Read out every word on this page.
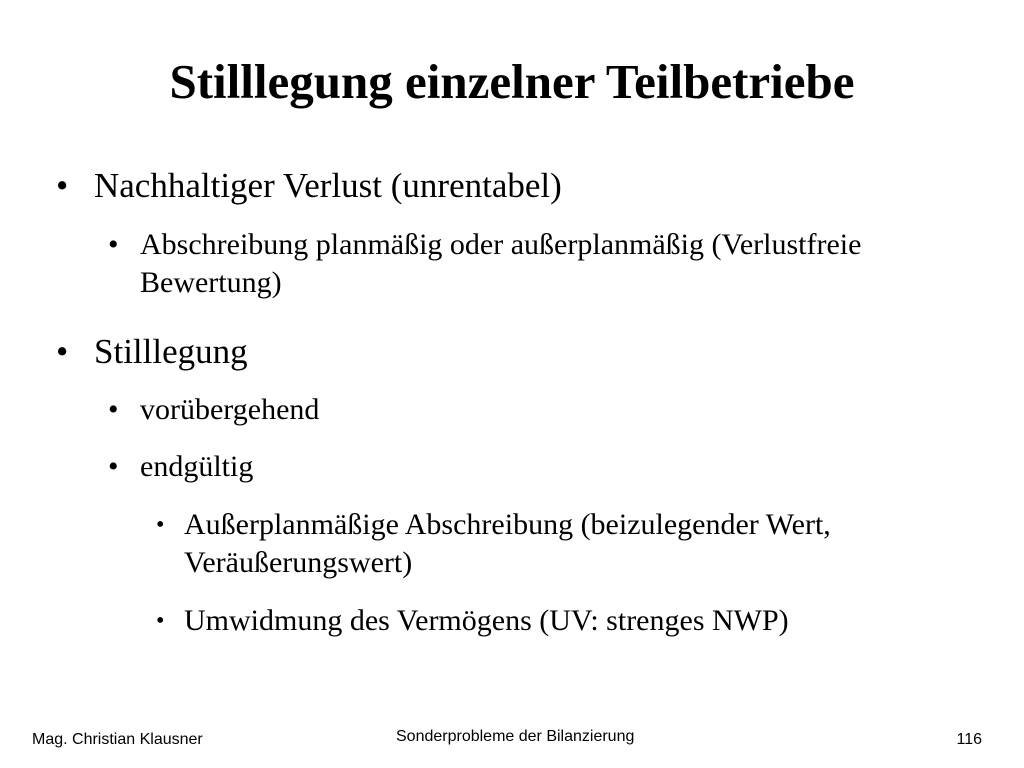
Stilllegung einzelner Teilbetriebe
• Nachhaltiger Verlust (unrentabel)
• Abschreibung planmäßig oder außerplanmäßig (Verlustfreie Bewertung)
• Stilllegung
• vorübergehend
• endgültig
• Außerplanmäßige Abschreibung (beizulegender Wert, Veräußerungswert)
• Umwidmung des Vermögens (UV: strenges NWP)
Mag. Christian Klausner	Sonderprobleme der Bilanzierung	116
